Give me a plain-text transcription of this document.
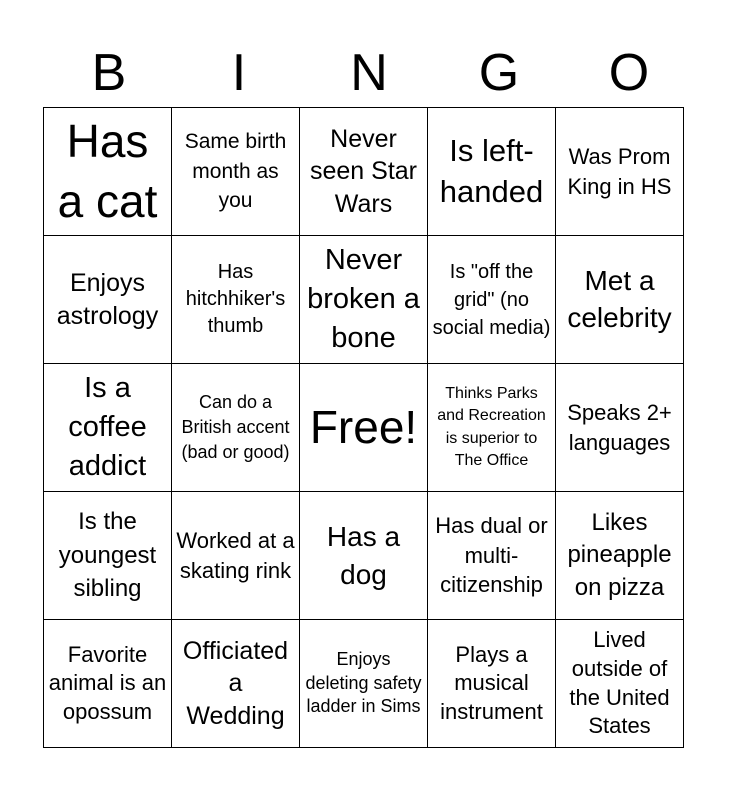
B	I	N	G	O
Has a cat	Same birth month as you	Never seen Star Wars	Is left-handed	Was Prom King in HS

Enjoys astrology	Has hitchhiker's thumb	Never broken a bone	Is "off the grid" (no social media)	Met a celebrity

Is a coffee addict	Can do a British accent (bad or good)	Free!	Thinks Parks and Recreation is superior to The Office	Speaks 2+ languages

Is the youngest sibling	Worked at a skating rink	Has a dog	Has dual or multi-citizenship	Likes pineapple on pizza

Favorite animal is an opossum	Officiated a Wedding	Enjoys deleting safety ladder in Sims	Plays a musical instrument	Lived outside of the United States
